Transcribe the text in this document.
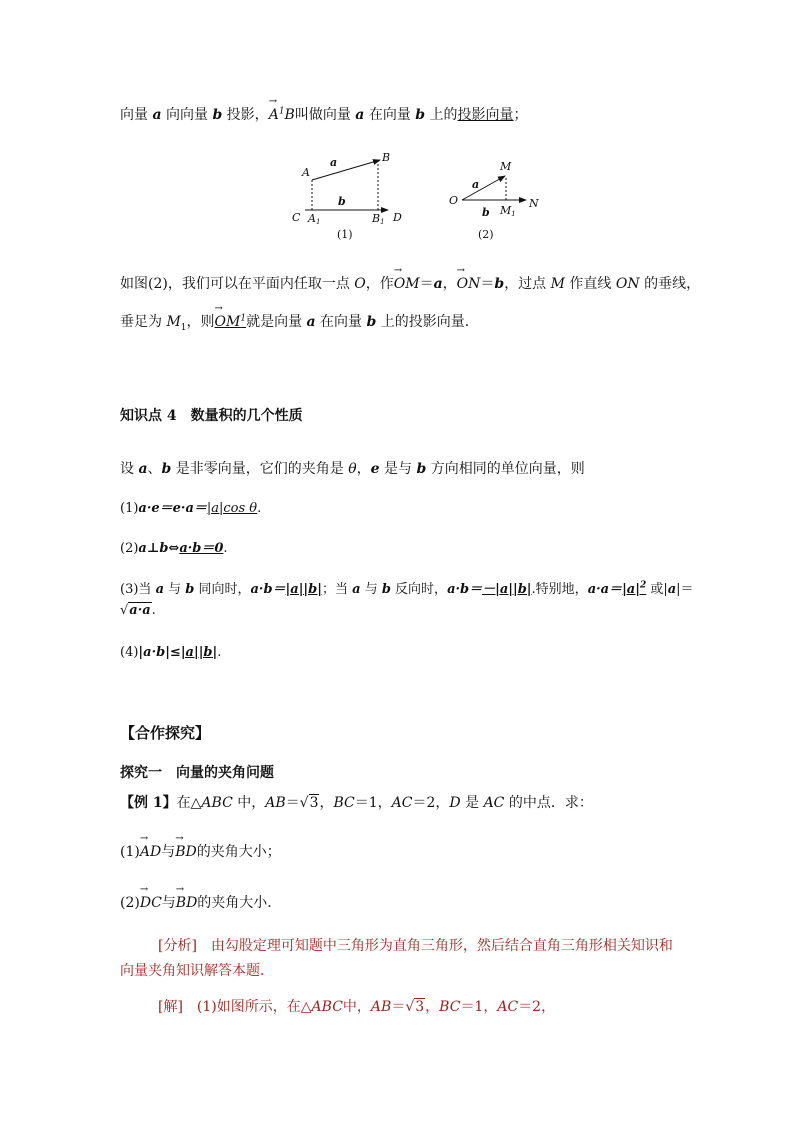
向量 a 向向量 b 投影，→ $A^1B$叫做向量 a 在向量 b 上的投影向量；
A
B
a
b
C A1	B1 D
(1)
M
O
a
N
b M1
(2)
如图(2)，我们可以在平面内任取一点 O，作→ OM＝a，→ ON＝b，过点 M 作直线 ON 的垂线，
垂足为 $M_1$，则→ $OM^1$就是向量 a 在向量 b 上的投影向量．
知识点 4　数量积的几个性质
设 a、b 是非零向量，它们的夹角是 θ，e 是与 b 方向相同的单位向量，则
(1)a·e＝e·a＝|a|cos θ.
(2)a⊥b⇔a·b＝0.
(3)当 a 与 b 同向时，a·b＝|a||b|；当 a 与 b 反向时，a·b＝－|a||b|.特别地，$a\cdot a=|a|^2$ 或|a|＝
√a·a.
(4)|a·b|≤|a||b|.
【合作探究】
探究一　向量的夹角问题
【例 1】在△ABC 中，AB＝√3，BC＝1，AC＝2，D 是 AC 的中点．求：
(1)→ AD与→ BD的夹角大小；
(2)→ DC与→ BD的夹角大小．
[分析]　由勾股定理可知题中三角形为直角三角形，然后结合直角三角形相关知识和
向量夹角知识解答本题．
[解]　(1)如图所示，在△ABC中，AB＝√3，BC＝1，AC＝2，
